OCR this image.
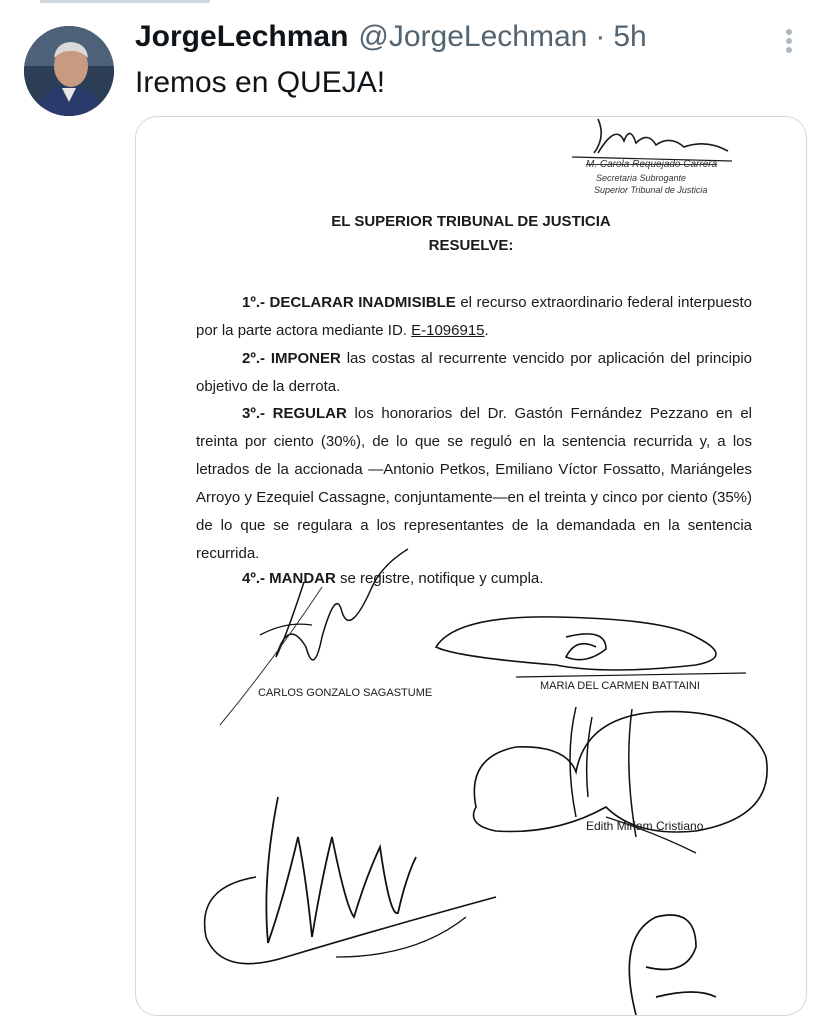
JorgeLechman @JorgeLechman · 5h
Iremos en QUEJA!
M. Carola Requejado Carrera
Secretaria Subrogante
Superior Tribunal de Justicia
EL SUPERIOR TRIBUNAL DE JUSTICIA
RESUELVE:
1º.- DECLARAR INADMISIBLE el recurso extraordinario federal interpuesto por la parte actora mediante ID. E-1096915.
2º.- IMPONER las costas al recurrente vencido por aplicación del principio objetivo de la derrota.
3º.- REGULAR los honorarios del Dr. Gastón Fernández Pezzano en el treinta por ciento (30%), de lo que se reguló en la sentencia recurrida y, a los letrados de la accionada —Antonio Petkos, Emiliano Víctor Fossatto, Mariángeles Arroyo y Ezequiel Cassagne, conjuntamente—en el treinta y cinco por ciento (35%) de lo que se regulara a los representantes de la demandada en la sentencia recurrida.
4º.- MANDAR se registre, notifique y cumpla.
CARLOS GONZALO SAGASTUME
MARIA DEL CARMEN BATTAINI
Edith Miriam Cristiano
